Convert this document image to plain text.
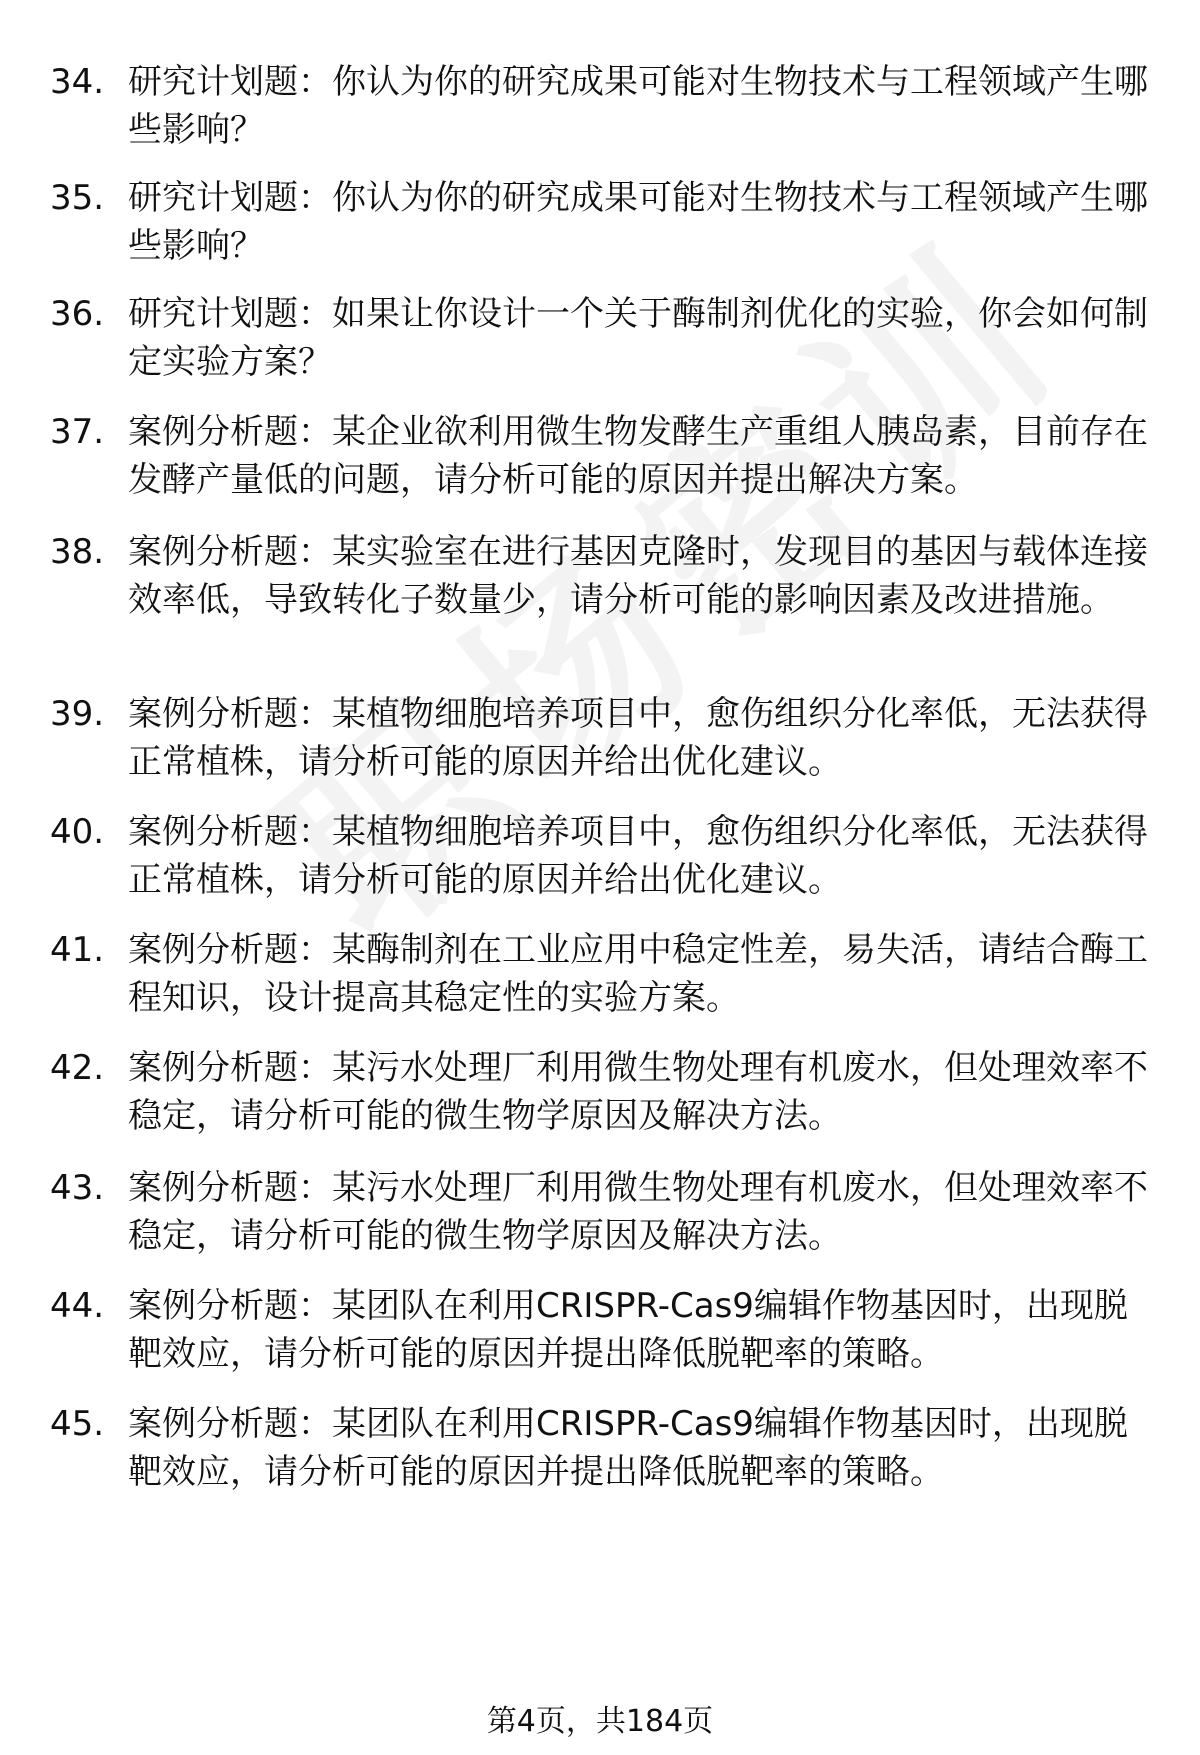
34. 研究计划题：你认为你的研究成果可能对生物技术与工程领域产生哪些影响？
35. 研究计划题：你认为你的研究成果可能对生物技术与工程领域产生哪些影响？
36. 研究计划题：如果让你设计一个关于酶制剂优化的实验，你会如何制定实验方案？
37. 案例分析题：某企业欲利用微生物发酵生产重组人胰岛素，目前存在发酵产量低的问题，请分析可能的原因并提出解决方案。
38. 案例分析题：某实验室在进行基因克隆时，发现目的基因与载体连接效率低，导致转化子数量少，请分析可能的影响因素及改进措施。
39. 案例分析题：某植物细胞培养项目中，愈伤组织分化率低，无法获得正常植株，请分析可能的原因并给出优化建议。
40. 案例分析题：某植物细胞培养项目中，愈伤组织分化率低，无法获得正常植株，请分析可能的原因并给出优化建议。
41. 案例分析题：某酶制剂在工业应用中稳定性差，易失活，请结合酶工程知识，设计提高其稳定性的实验方案。
42. 案例分析题：某污水处理厂利用微生物处理有机废水，但处理效率不稳定，请分析可能的微生物学原因及解决方法。
43. 案例分析题：某污水处理厂利用微生物处理有机废水，但处理效率不稳定，请分析可能的微生物学原因及解决方法。
44. 案例分析题：某团队在利用CRISPR-Cas9编辑作物基因时，出现脱靶效应，请分析可能的原因并提出降低脱靶率的策略。
45. 案例分析题：某团队在利用CRISPR-Cas9编辑作物基因时，出现脱靶效应，请分析可能的原因并提出降低脱靶率的策略。
第4页，共184页
